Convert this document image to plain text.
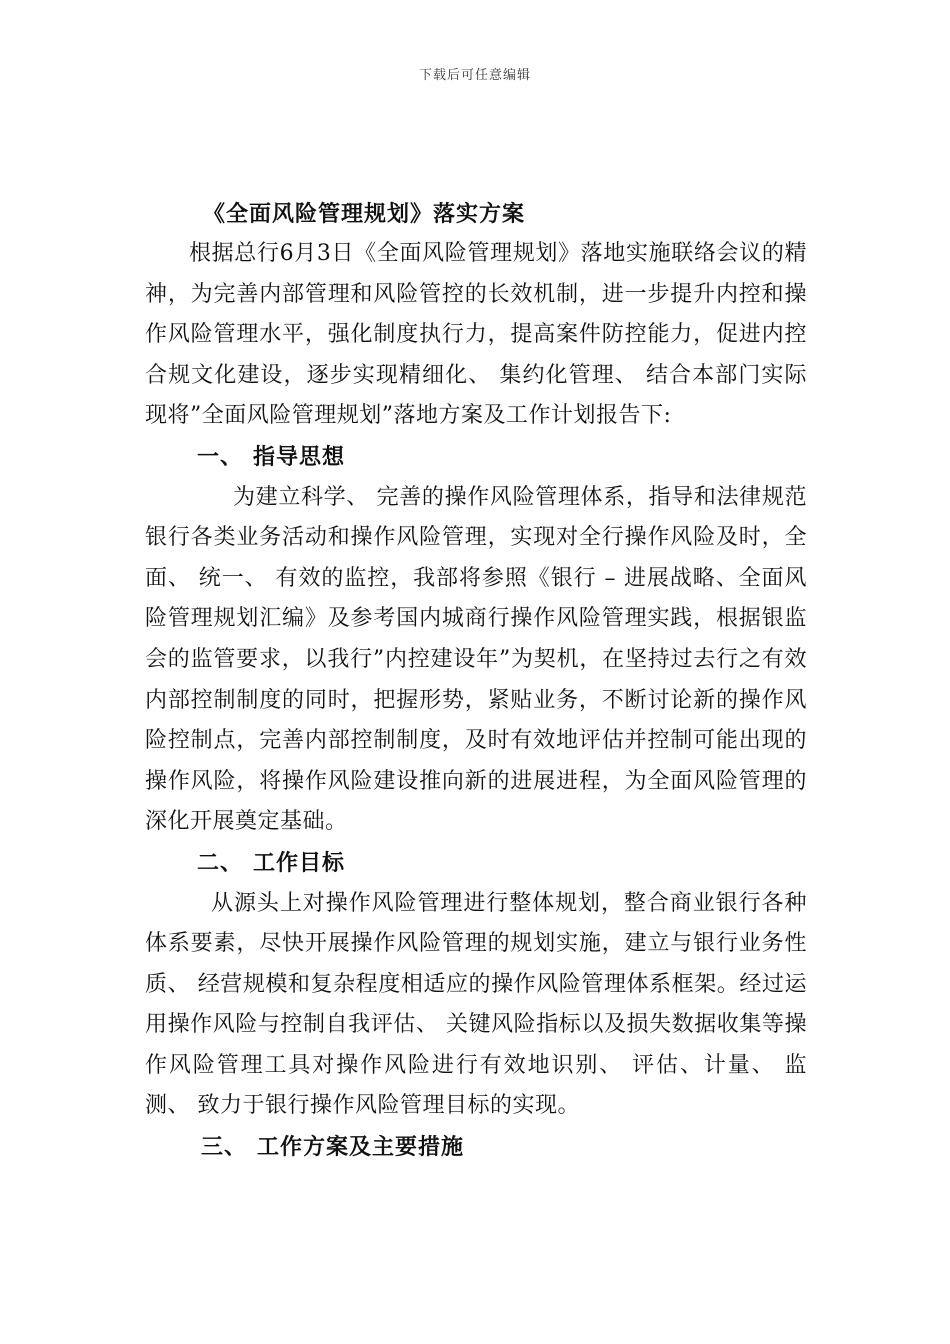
下载后可任意编辑
《全面风险管理规划》落实方案

根据总行6月3日《全面风险管理规划》落地实施联络会议的精神，为完善内部管理和风险管控的长效机制，进一步提升内控和操作风险管理水平，强化制度执行力，提高案件防控能力，促进内控合规文化建设，逐步实现精细化、 集约化管理、 结合本部门实际现将”全面风险管理规划”落地方案及工作计划报告下:

一、 指导思想

为建立科学、 完善的操作风险管理体系，指导和法律规范银行各类业务活动和操作风险管理，实现对全行操作风险及时，全面、 统一、 有效的监控，我部将参照《银行 – 进展战略、全面风险管理规划汇编》及参考国内城商行操作风险管理实践，根据银监会的监管要求，以我行”内控建设年”为契机，在坚持过去行之有效内部控制制度的同时，把握形势，紧贴业务，不断讨论新的操作风险控制点，完善内部控制制度，及时有效地评估并控制可能出现的操作风险，将操作风险建设推向新的进展进程，为全面风险管理的深化开展奠定基础。

二、 工作目标

从源头上对操作风险管理进行整体规划，整合商业银行各种体系要素，尽快开展操作风险管理的规划实施，建立与银行业务性质、 经营规模和复杂程度相适应的操作风险管理体系框架。经过运用操作风险与控制自我评估、 关键风险指标以及损失数据收集等操作风险管理工具对操作风险进行有效地识别、 评估、计量、 监测、 致力于银行操作风险管理目标的实现。

三、 工作方案及主要措施
